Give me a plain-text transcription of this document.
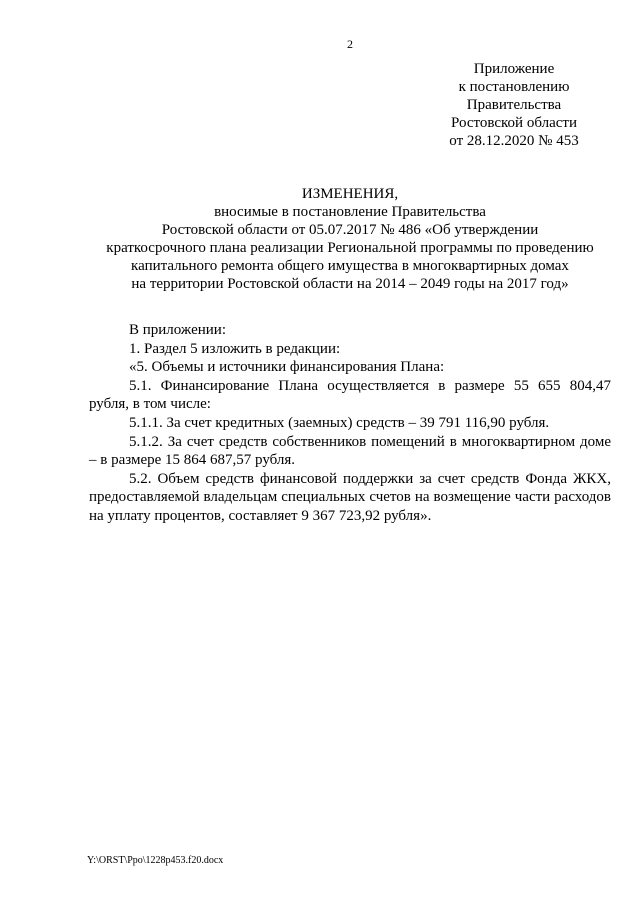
2
Приложение
к постановлению
Правительства
Ростовской области
от 28.12.2020 № 453
ИЗМЕНЕНИЯ,
вносимые в постановление Правительства
Ростовской области от 05.07.2017 № 486 «Об утверждении
краткосрочного плана реализации Региональной программы по проведению
капитального ремонта общего имущества в многоквартирных домах
на территории Ростовской области на 2014 – 2049 годы на 2017 год»

В приложении:

1. Раздел 5 изложить в редакции:

«5. Объемы и источники финансирования Плана:

5.1. Финансирование Плана осуществляется в размере 55 655 804,47 рубля, в том числе:

5.1.1. За счет кредитных (заемных) средств – 39 791 116,90 рубля.

5.1.2. За счет средств собственников помещений в многоквартирном доме – в размере 15 864 687,57 рубля.

5.2. Объем средств финансовой поддержки за счет средств Фонда ЖКХ, предоставляемой владельцам специальных счетов на возмещение части расходов на уплату процентов, составляет 9 367 723,92 рубля».

Y:\ORST\Ppo\1228p453.f20.docx
